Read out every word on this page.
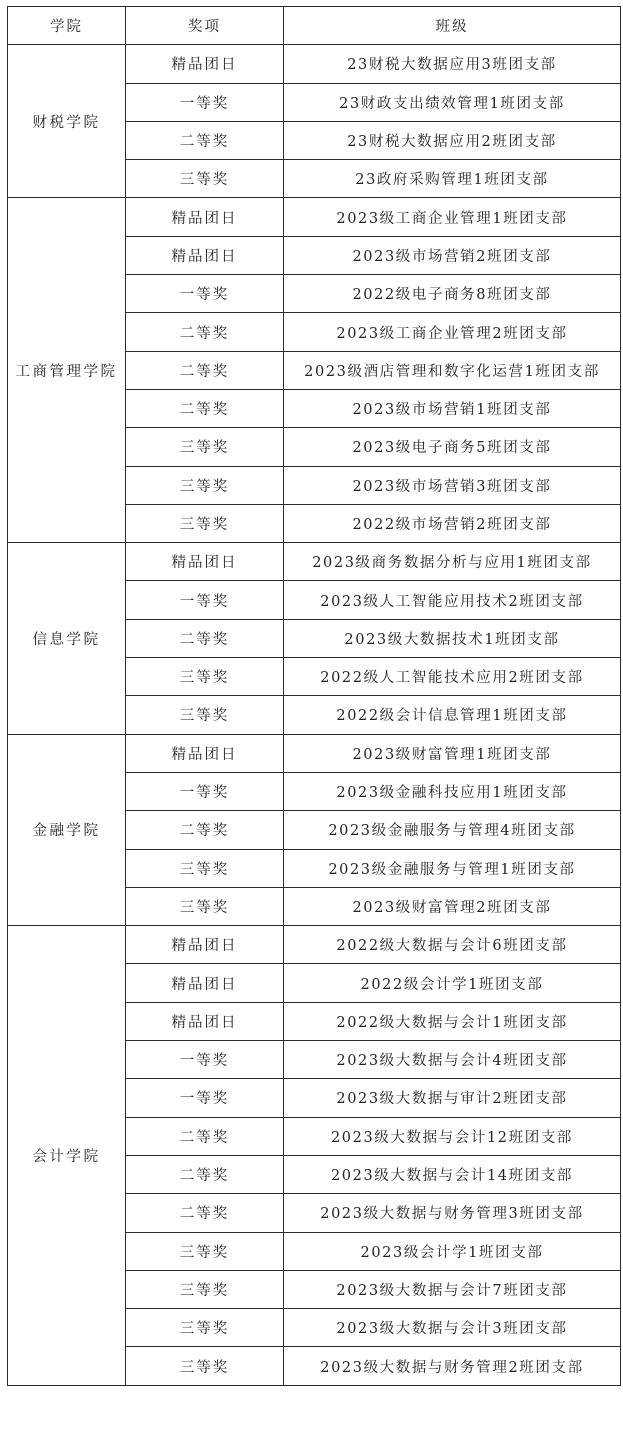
学院	奖项	班级
财税学院	精品团日	23财税大数据应用3班团支部
	一等奖	23财政支出绩效管理1班团支部
	二等奖	23财税大数据应用2班团支部
	三等奖	23政府采购管理1班团支部
工商管理学院	精品团日	2023级工商企业管理1班团支部
	精品团日	2023级市场营销2班团支部
	一等奖	2022级电子商务8班团支部
	二等奖	2023级工商企业管理2班团支部
	二等奖	2023级酒店管理和数字化运营1班团支部
	二等奖	2023级市场营销1班团支部
	三等奖	2023级电子商务5班团支部
	三等奖	2023级市场营销3班团支部
	三等奖	2022级市场营销2班团支部
信息学院	精品团日	2023级商务数据分析与应用1班团支部
	一等奖	2023级人工智能应用技术2班团支部
	二等奖	2023级大数据技术1班团支部
	三等奖	2022级人工智能技术应用2班团支部
	三等奖	2022级会计信息管理1班团支部
金融学院	精品团日	2023级财富管理1班团支部
	一等奖	2023级金融科技应用1班团支部
	二等奖	2023级金融服务与管理4班团支部
	三等奖	2023级金融服务与管理1班团支部
	三等奖	2023级财富管理2班团支部
会计学院	精品团日	2022级大数据与会计6班团支部
	精品团日	2022级会计学1班团支部
	精品团日	2022级大数据与会计1班团支部
	一等奖	2023级大数据与会计4班团支部
	一等奖	2023级大数据与审计2班团支部
	二等奖	2023级大数据与会计12班团支部
	二等奖	2023级大数据与会计14班团支部
	二等奖	2023级大数据与财务管理3班团支部
	三等奖	2023级会计学1班团支部
	三等奖	2023级大数据与会计7班团支部
	三等奖	2023级大数据与会计3班团支部
	三等奖	2023级大数据与财务管理2班团支部
